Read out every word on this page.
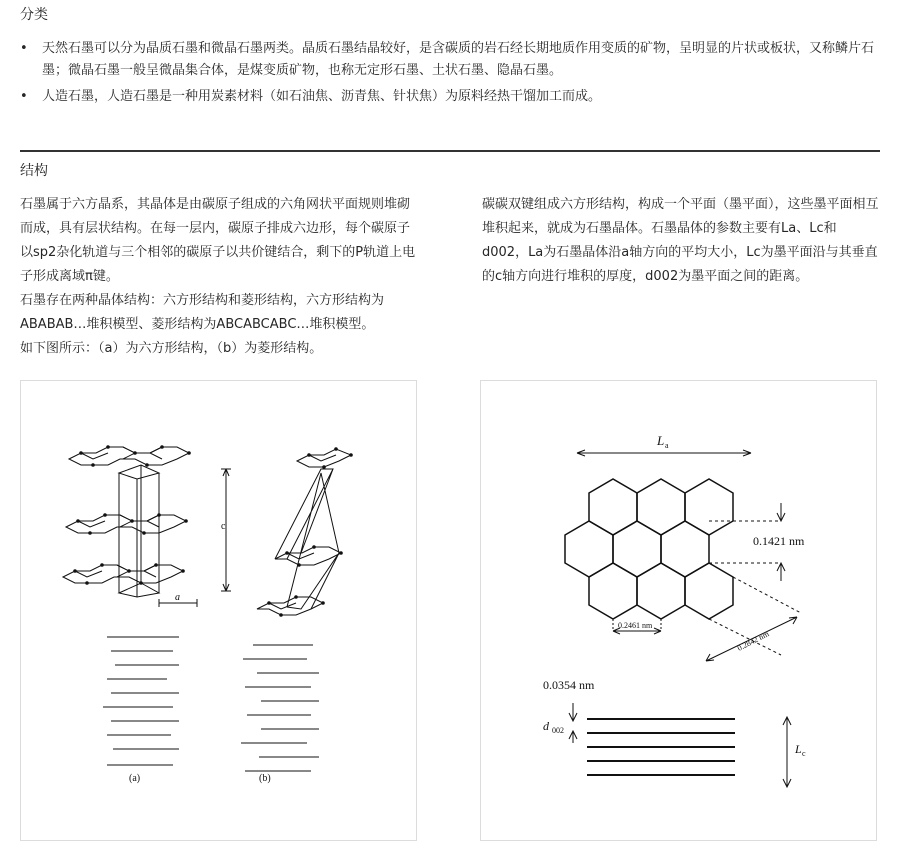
分类
• 天然石墨可以分为晶质石墨和微晶石墨两类。晶质石墨结晶较好，是含碳质的岩石经长期地质作用变质的矿物，呈明显的片状或板状，又称鳞片石墨；微晶石墨一般呈微晶集合体，是煤变质矿物，也称无定形石墨、土状石墨、隐晶石墨。
• 人造石墨，人造石墨是一种用炭素材料（如石油焦、沥青焦、针状焦）为原料经热干馏加工而成。
结构
石墨属于六方晶系，其晶体是由碳原子组成的六角网状平面规则堆砌而成，具有层状结构。在每一层内，碳原子排成六边形，每个碳原子以sp2杂化轨道与三个相邻的碳原子以共价键结合，剩下的P轨道上电子形成离域π键。
石墨存在两种晶体结构：六方形结构和菱形结构，六方形结构为ABABAB…堆积模型、菱形结构为ABCABCABC…堆积模型。
如下图所示：（a）为六方形结构，（b）为菱形结构。
碳碳双键组成六方形结构，构成一个平面（墨平面），这些墨平面相互堆积起来，就成为石墨晶体。石墨晶体的参数主要有La、Lc和d002，La为石墨晶体沿a轴方向的平均大小，Lc为墨平面沿与其垂直的c轴方向进行堆积的厚度，d002为墨平面之间的距离。
c
a
(a)	(b)
L a
0.1421 nm
0.2461 nm
0.2842 nm
0.0354 nm
d 002
L c
